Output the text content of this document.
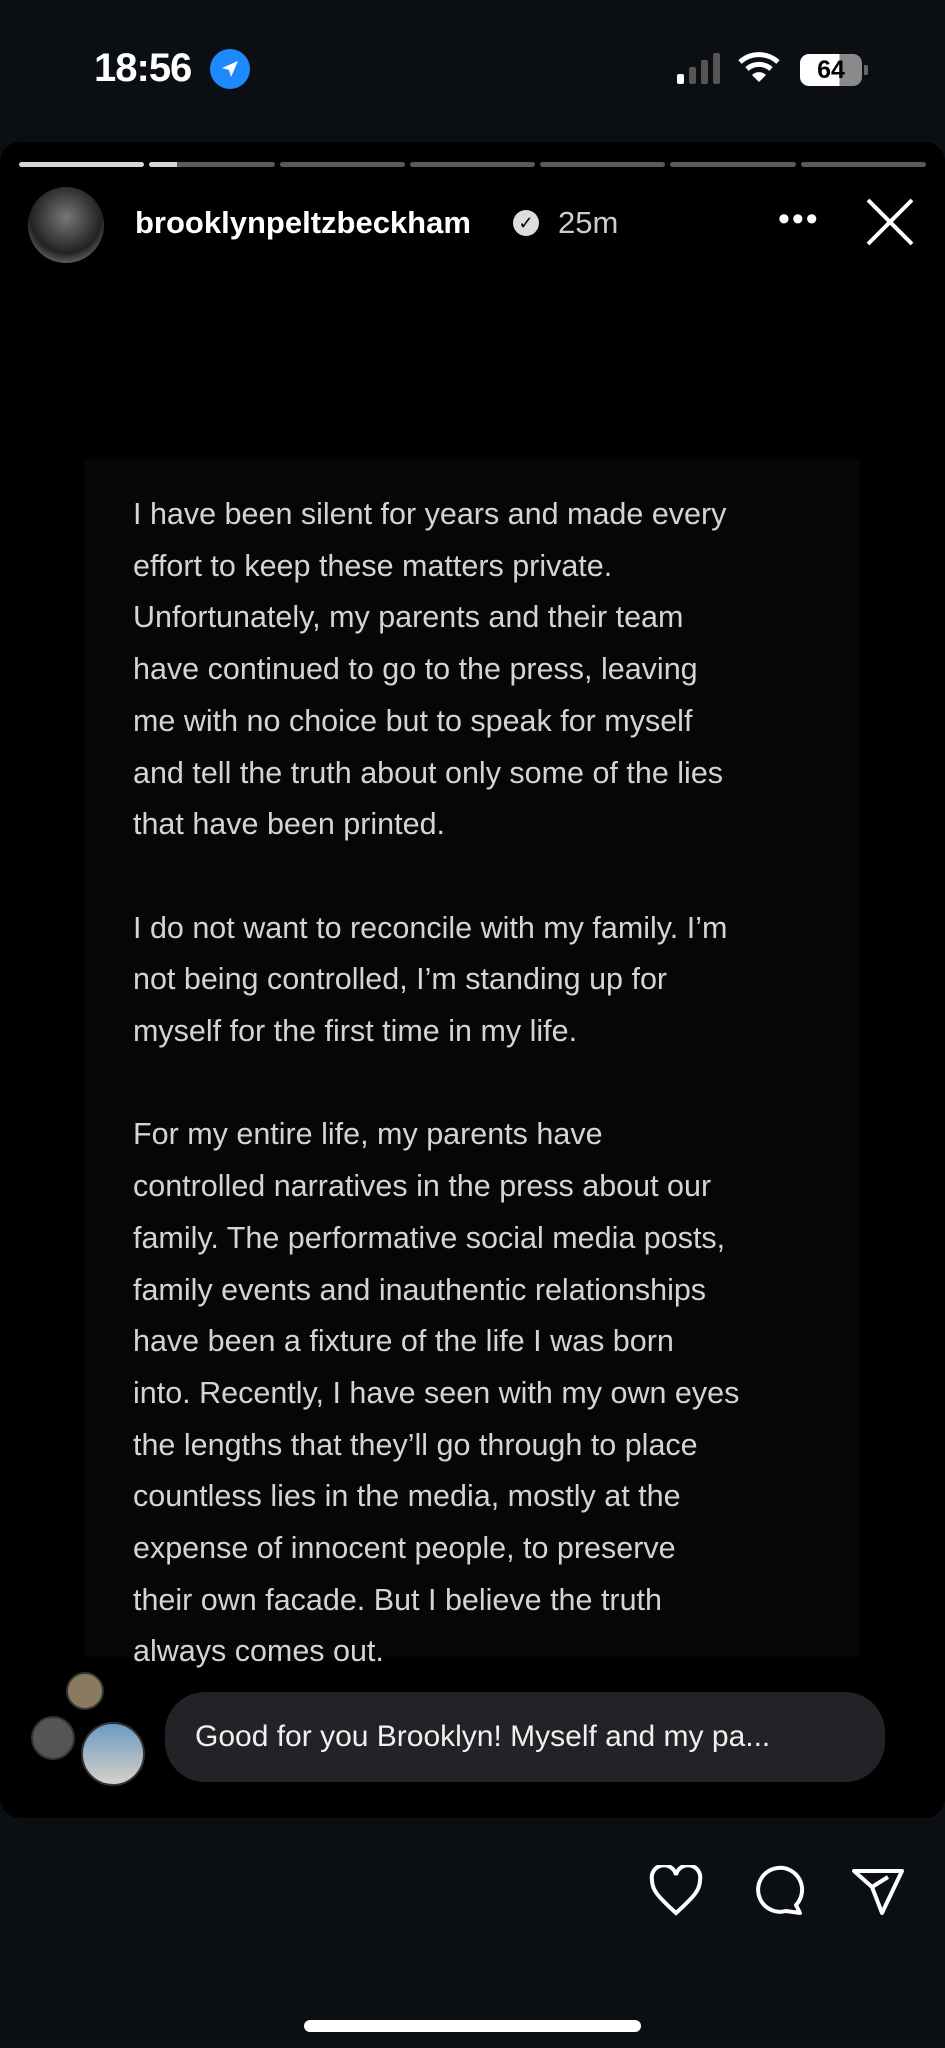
18:56	64
brooklynpeltzbeckham	✓ 25m	•••
I have been silent for years and made every
effort to keep these matters private.
Unfortunately, my parents and their team
have continued to go to the press, leaving
me with no choice but to speak for myself
and tell the truth about only some of the lies
that have been printed.
I do not want to reconcile with my family. I’m
not being controlled, I’m standing up for
myself for the first time in my life.
For my entire life, my parents have
controlled narratives in the press about our
family. The performative social media posts,
family events and inauthentic relationships
have been a fixture of the life I was born
into. Recently, I have seen with my own eyes
the lengths that they’ll go through to place
countless lies in the media, mostly at the
expense of innocent people, to preserve
their own facade. But I believe the truth
always comes out.
Good for you Brooklyn! Myself and my pa...
